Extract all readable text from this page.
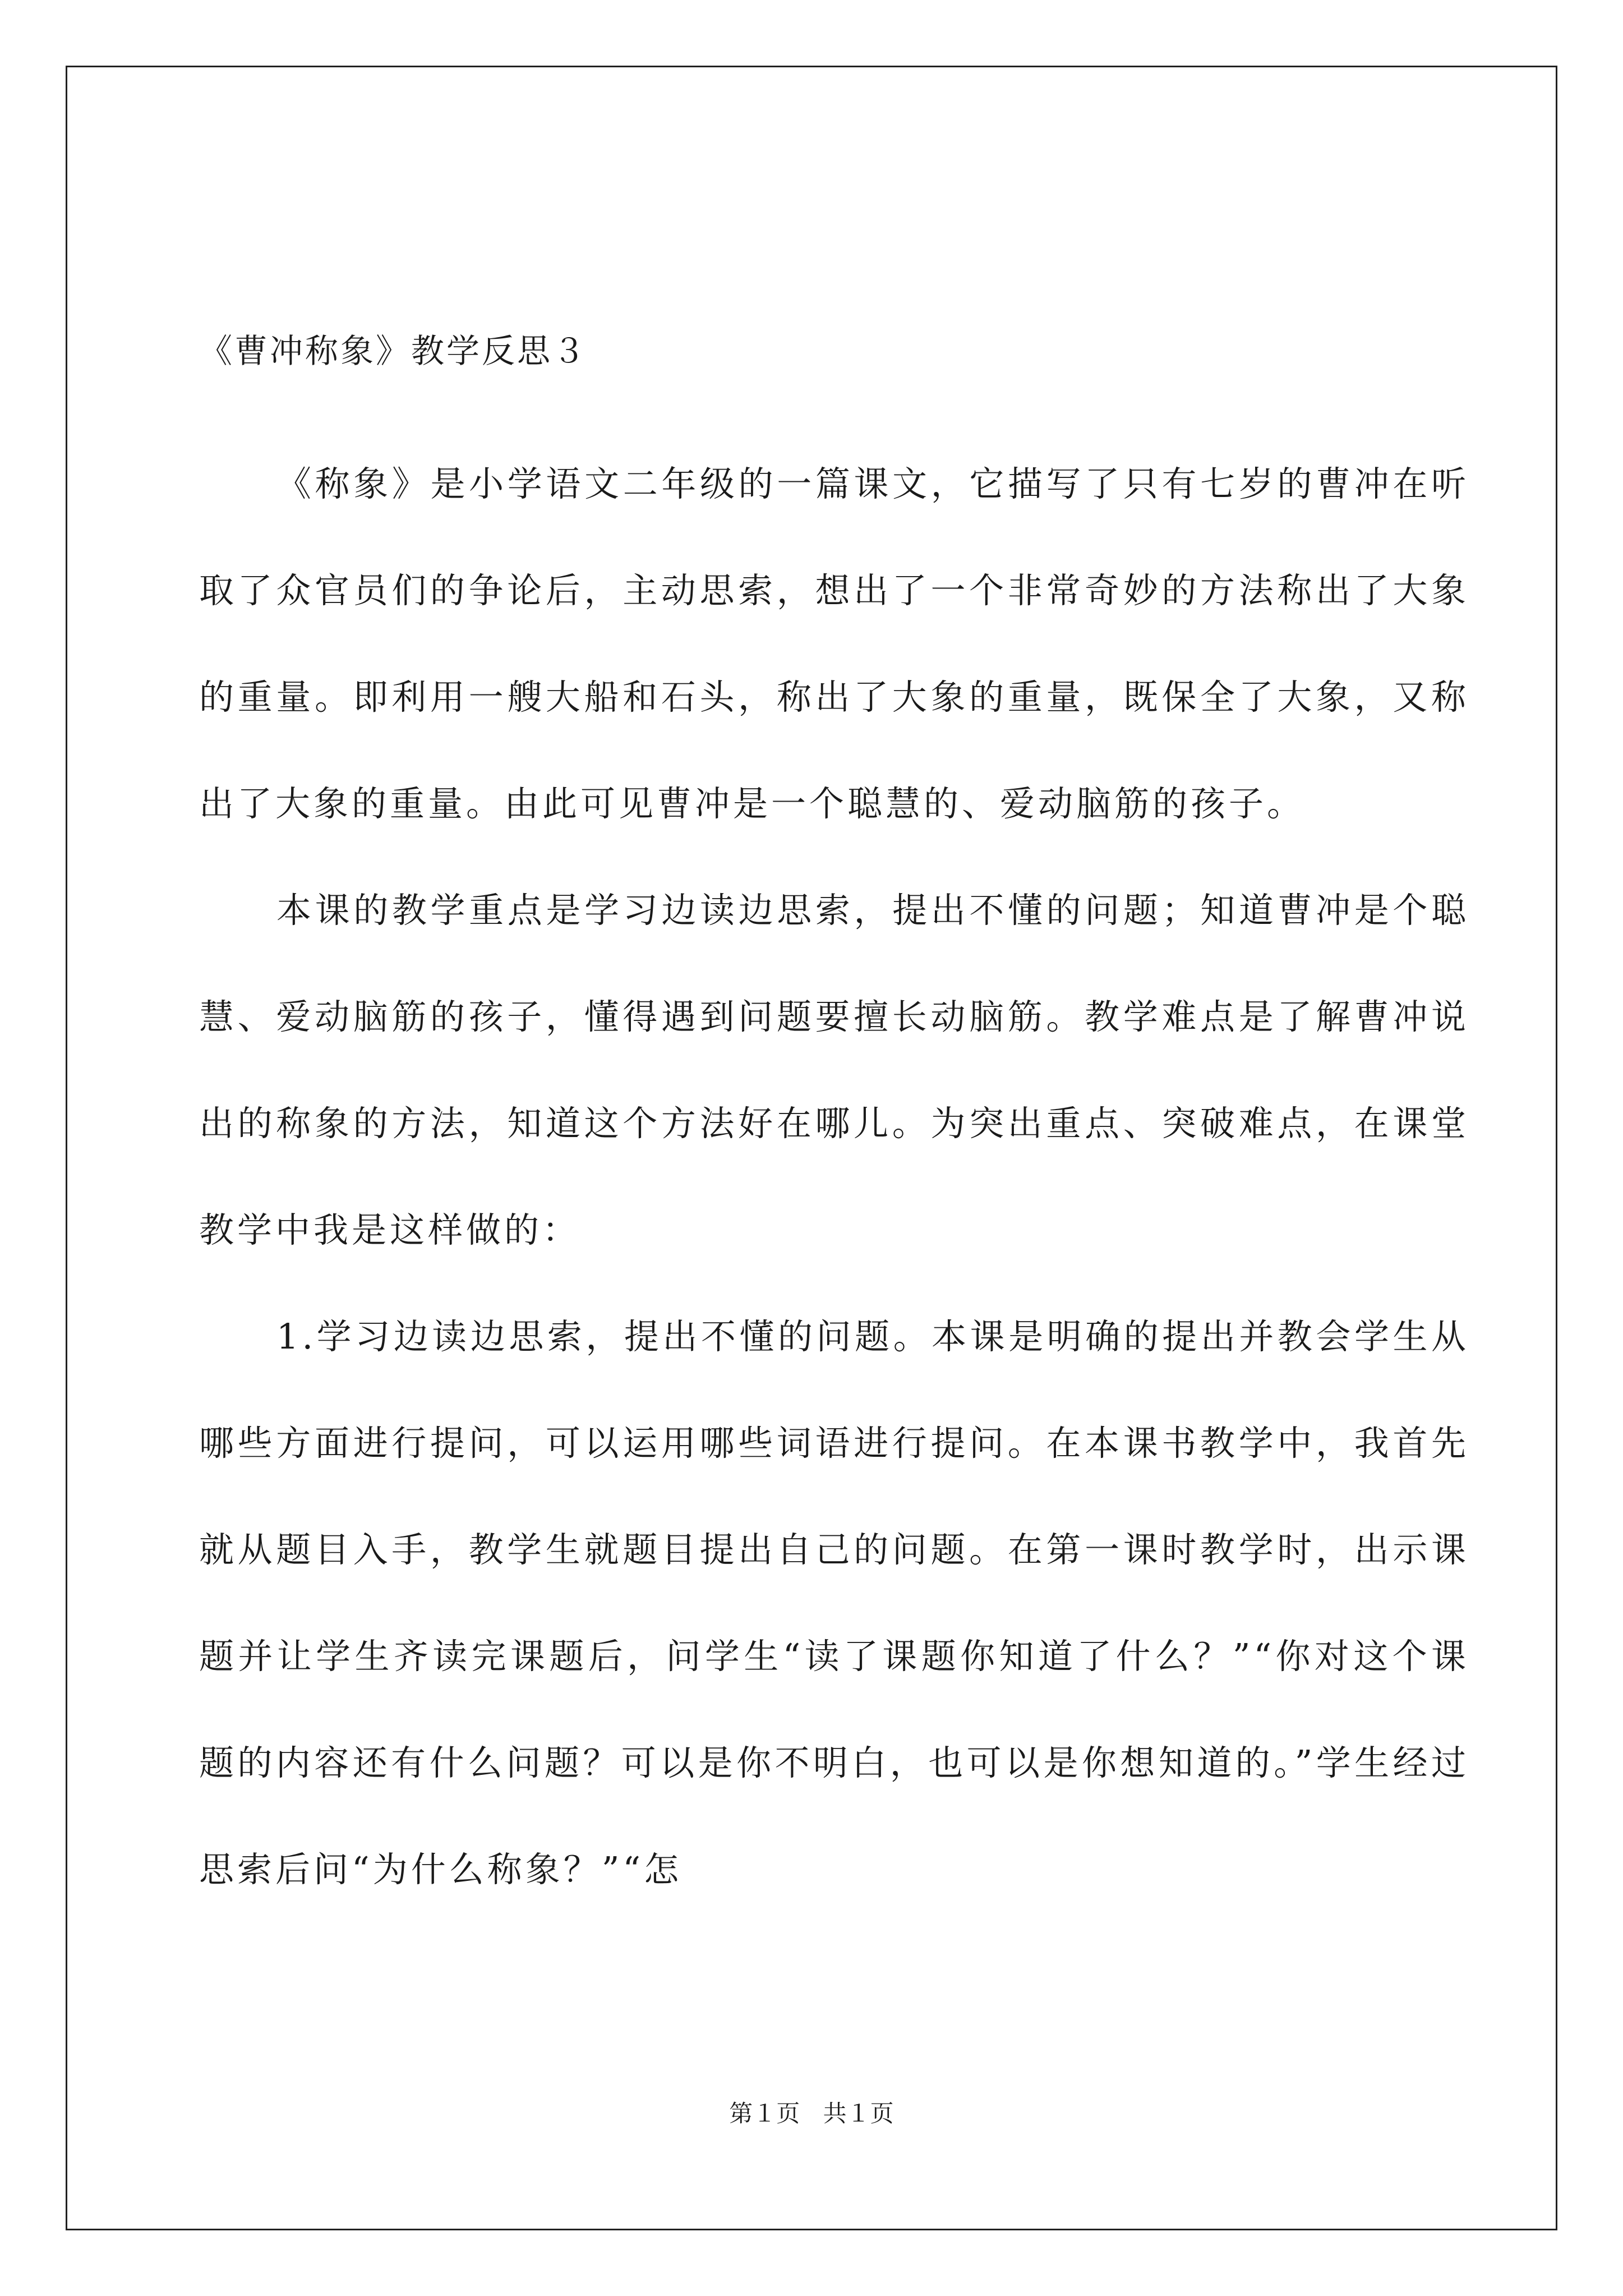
《曹冲称象》教学反思３

《称象》是小学语文二年级的一篇课文，它描写了只有七岁的曹冲在听取了众官员们的争论后，主动思索，想出了一个非常奇妙的方法称出了大象的重量。即利用一艘大船和石头，称出了大象的重量，既保全了大象，又称出了大象的重量。由此可见曹冲是一个聪慧的、爱动脑筋的孩子。

本课的教学重点是学习边读边思索，提出不懂的问题；知道曹冲是个聪慧、爱动脑筋的孩子，懂得遇到问题要擅长动脑筋。教学难点是了解曹冲说出的称象的方法，知道这个方法好在哪儿。为突出重点、突破难点，在课堂教学中我是这样做的：

1.学习边读边思索，提出不懂的问题。本课是明确的提出并教会学生从哪些方面进行提问，可以运用哪些词语进行提问。在本课书教学中，我首先就从题目入手，教学生就题目提出自己的问题。在第一课时教学时，出示课题并让学生齐读完课题后，问学生“读了课题你知道了什么？”“你对这个课题的内容还有什么问题？可以是你不明白，也可以是你想知道的。”学生经过思索后问“为什么称象？”“怎

第１页 共１页
